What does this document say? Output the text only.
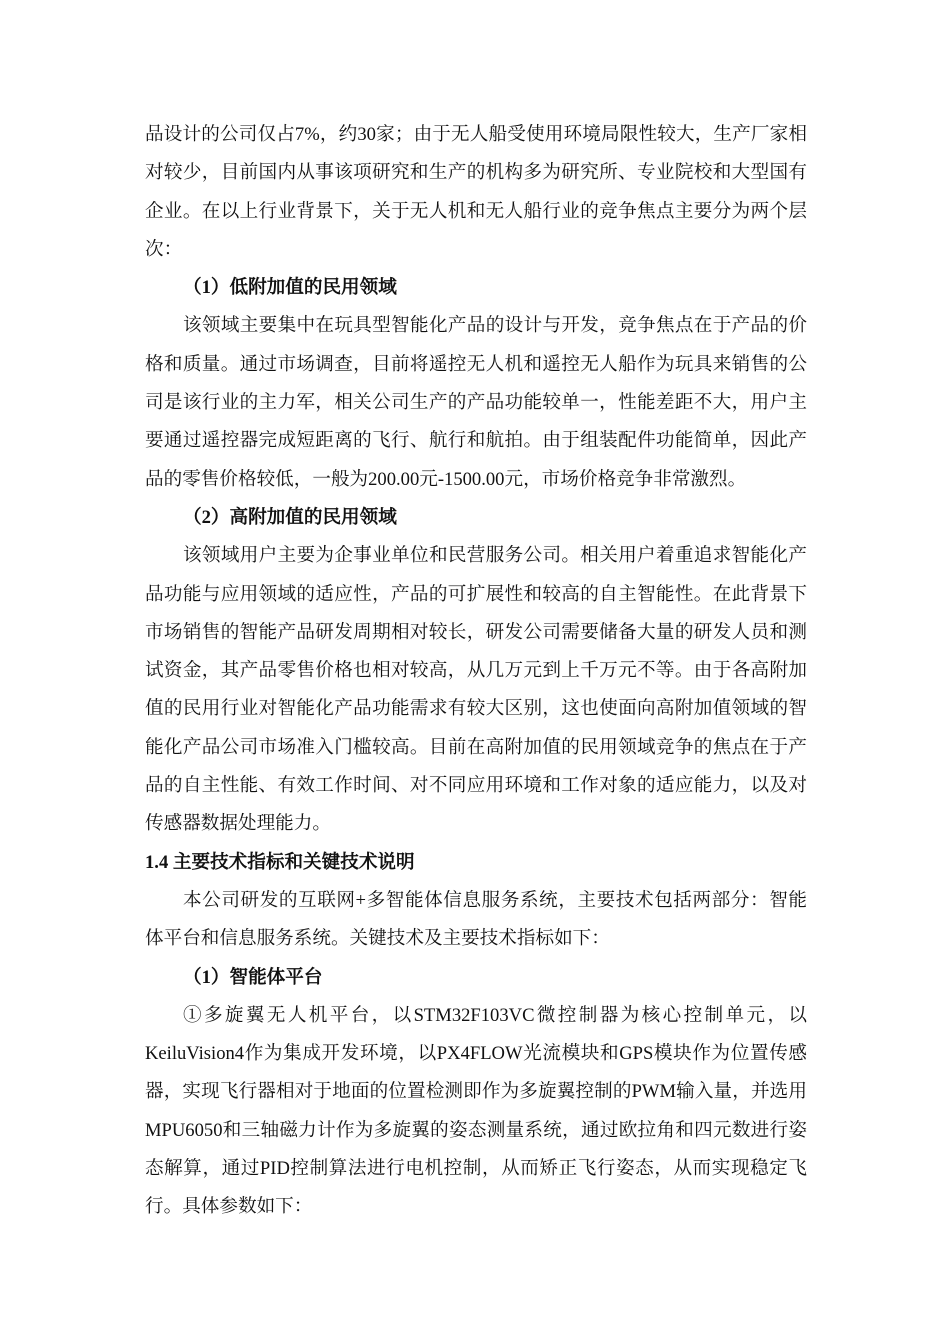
品设计的公司仅占7%，约30家；由于无人船受使用环境局限性较大，生产厂家相对较少，目前国内从事该项研究和生产的机构多为研究所、专业院校和大型国有企业。在以上行业背景下，关于无人机和无人船行业的竞争焦点主要分为两个层次：

（1）低附加值的民用领域

该领域主要集中在玩具型智能化产品的设计与开发，竞争焦点在于产品的价格和质量。通过市场调查，目前将遥控无人机和遥控无人船作为玩具来销售的公司是该行业的主力军，相关公司生产的产品功能较单一，性能差距不大，用户主要通过遥控器完成短距离的飞行、航行和航拍。由于组装配件功能简单，因此产品的零售价格较低，一般为200.00元-1500.00元，市场价格竞争非常激烈。

（2）高附加值的民用领域

该领域用户主要为企事业单位和民营服务公司。相关用户着重追求智能化产品功能与应用领域的适应性，产品的可扩展性和较高的自主智能性。在此背景下市场销售的智能产品研发周期相对较长，研发公司需要储备大量的研发人员和测试资金，其产品零售价格也相对较高，从几万元到上千万元不等。由于各高附加值的民用行业对智能化产品功能需求有较大区别，这也使面向高附加值领域的智能化产品公司市场准入门槛较高。目前在高附加值的民用领域竞争的焦点在于产品的自主性能、有效工作时间、对不同应用环境和工作对象的适应能力，以及对传感器数据处理能力。

1.4 主要技术指标和关键技术说明

本公司研发的互联网+多智能体信息服务系统，主要技术包括两部分：智能体平台和信息服务系统。关键技术及主要技术指标如下：

（1）智能体平台

①多旋翼无人机平台，以STM32F103VC微控制器为核心控制单元，以KeiluVision4作为集成开发环境，以PX4FLOW光流模块和GPS模块作为位置传感器，实现飞行器相对于地面的位置检测即作为多旋翼控制的PWM输入量，并选用MPU6050和三轴磁力计作为多旋翼的姿态测量系统，通过欧拉角和四元数进行姿态解算，通过PID控制算法进行电机控制，从而矫正飞行姿态，从而实现稳定飞行。具体参数如下：
